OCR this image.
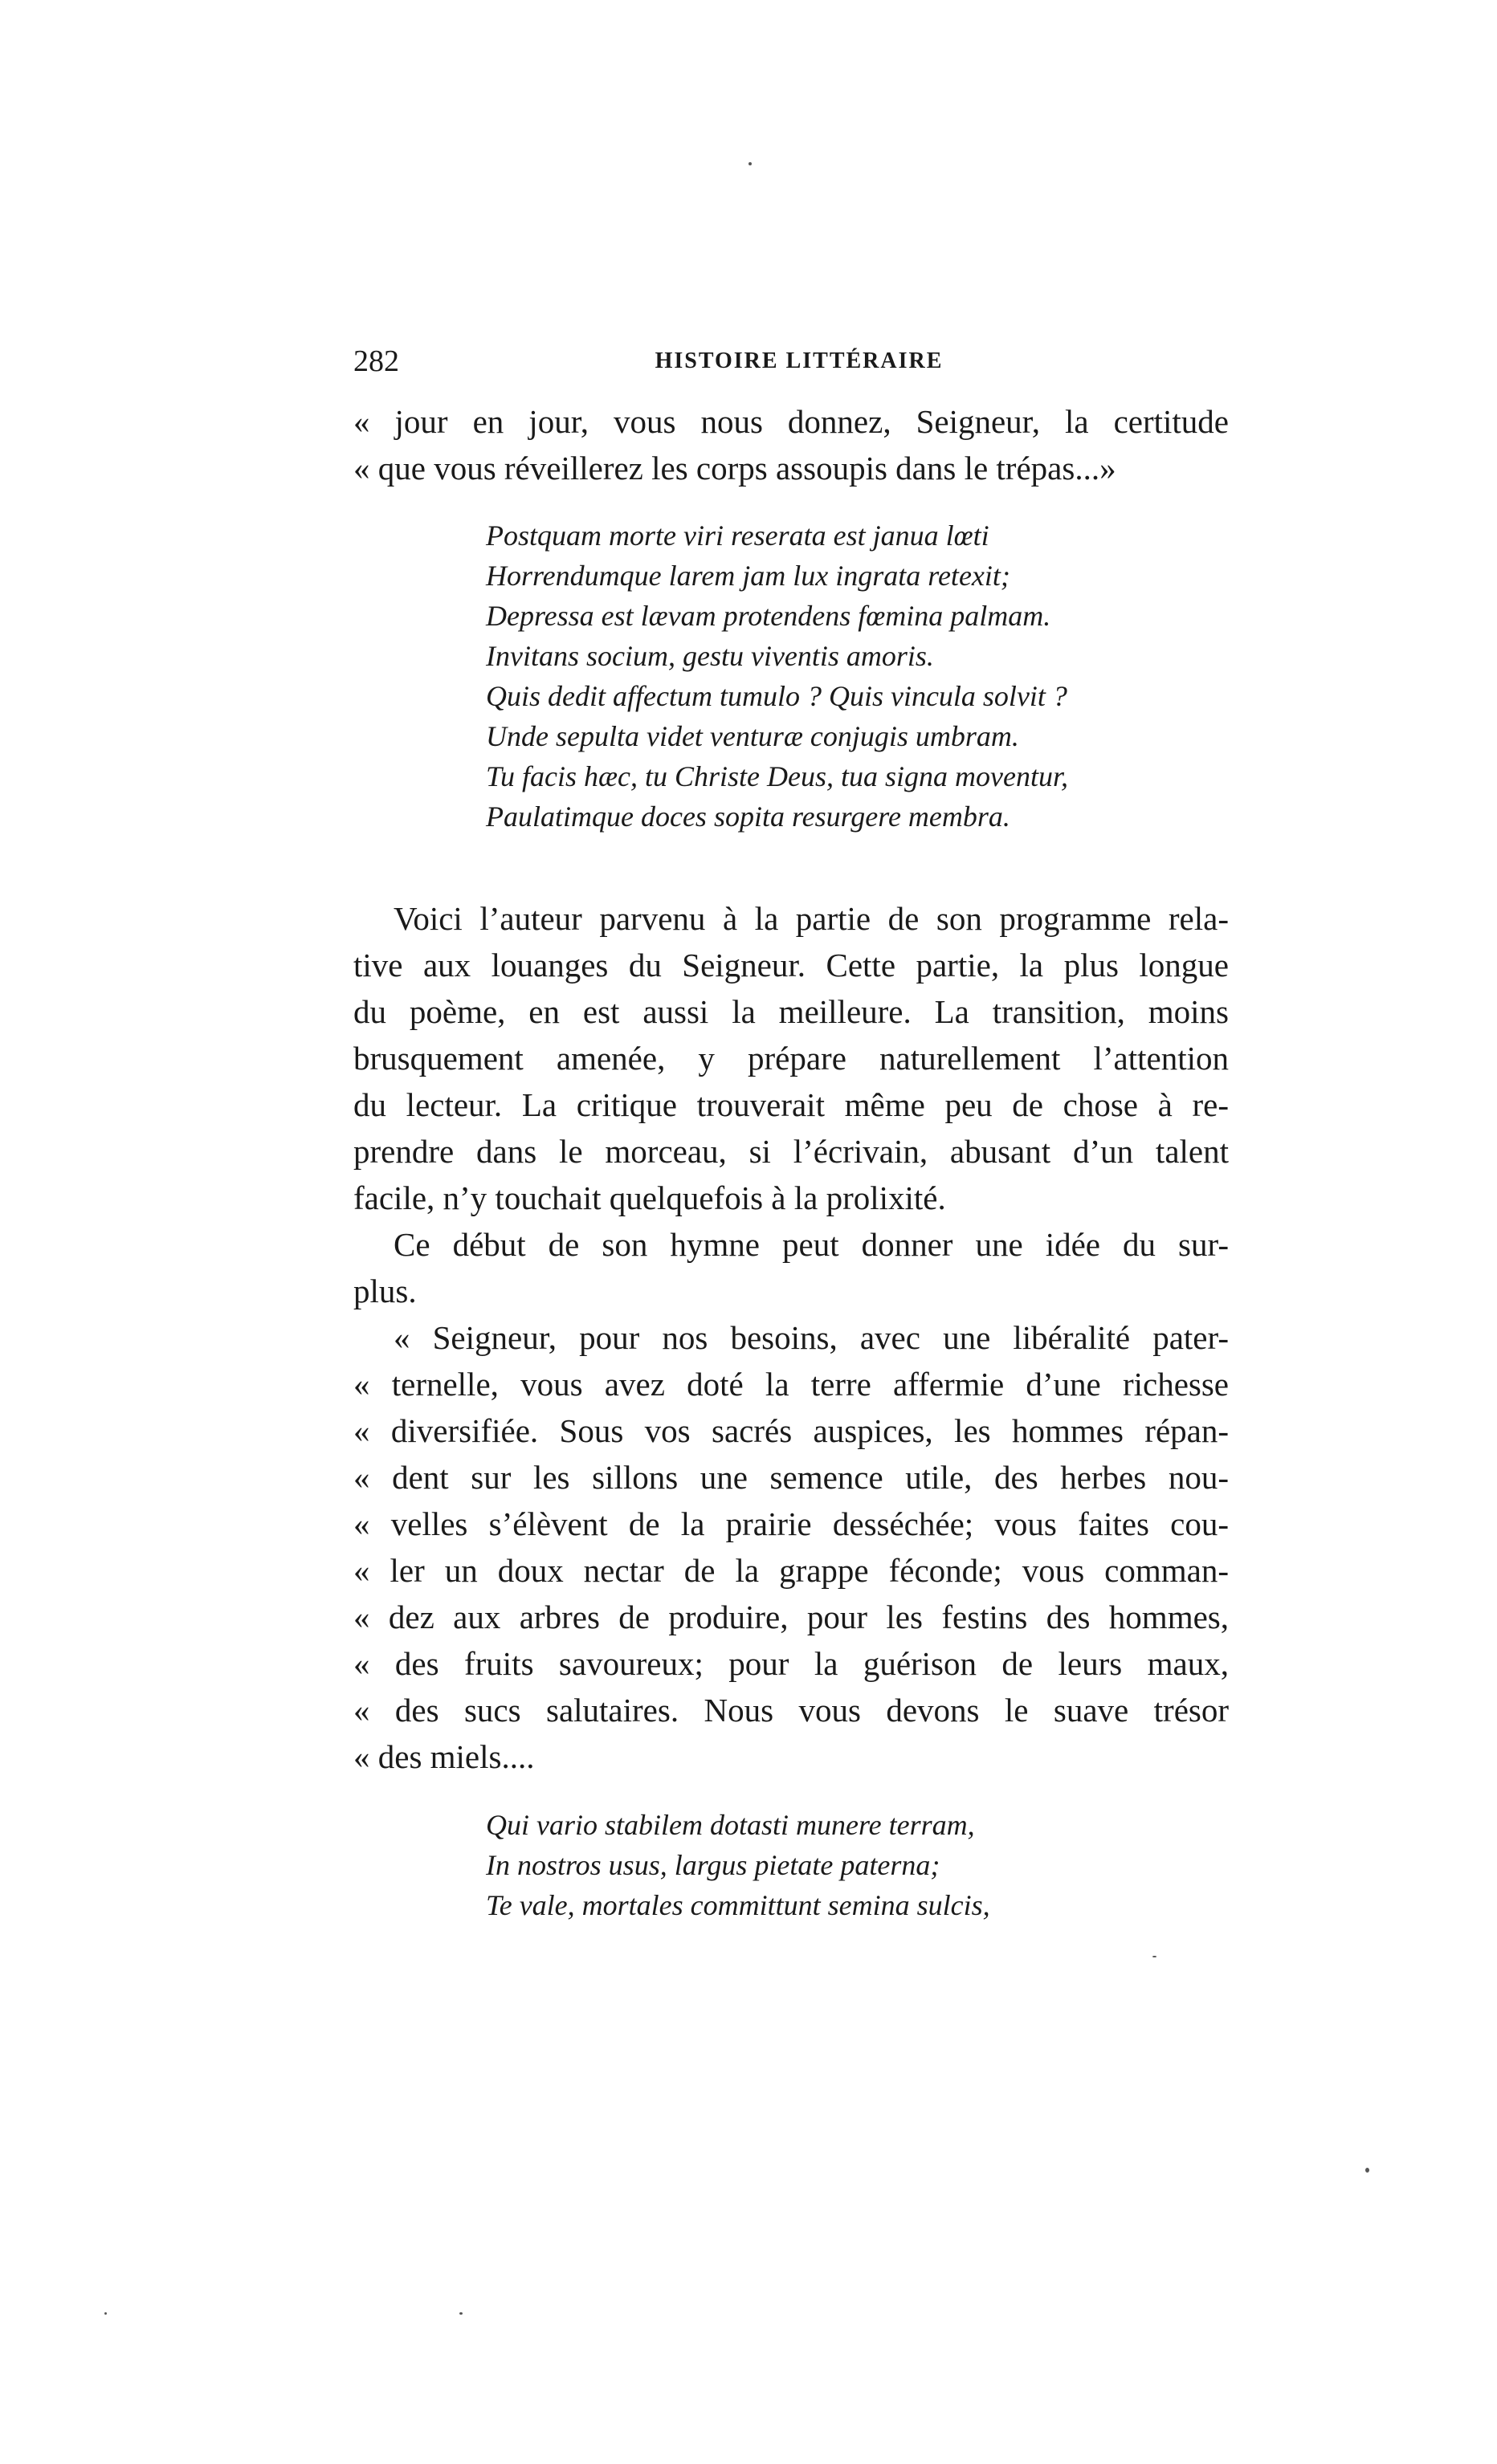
282	HISTOIRE LITTÉRAIRE
« jour en jour, vous nous donnez, Seigneur, la certitude
« que vous réveillerez les corps assoupis dans le trépas...»
Postquam morte viri reserata est janua lœti
Horrendumque larem jam lux ingrata retexit;
Depressa est lævam protendens fœmina palmam.
Invitans socium, gestu viventis amoris.
Quis dedit affectum tumulo ? Quis vincula solvit ?
Unde sepulta videt venturæ conjugis umbram.
Tu facis hæc, tu Christe Deus, tua signa moventur,
Paulatimque doces sopita resurgere membra.
Voici l’auteur parvenu à la partie de son programme rela-
tive aux louanges du Seigneur. Cette partie, la plus longue
du poème, en est aussi la meilleure. La transition, moins
brusquement amenée, y prépare naturellement l’attention
du lecteur. La critique trouverait même peu de chose à re-
prendre dans le morceau, si l’écrivain, abusant d’un talent
facile, n’y touchait quelquefois à la prolixité.
Ce début de son hymne peut donner une idée du sur-
plus.
« Seigneur, pour nos besoins, avec une libéralité pater-
« ternelle, vous avez doté la terre affermie d’une richesse
« diversifiée. Sous vos sacrés auspices, les hommes répan-
« dent sur les sillons une semence utile, des herbes nou-
« velles s’élèvent de la prairie desséchée; vous faites cou-
« ler un doux nectar de la grappe féconde; vous comman-
« dez aux arbres de produire, pour les festins des hommes,
« des fruits savoureux; pour la guérison de leurs maux,
« des sucs salutaires. Nous vous devons le suave trésor
« des miels....
Qui vario stabilem dotasti munere terram,
In nostros usus, largus pietate paterna;
Te vale, mortales committunt semina sulcis,
